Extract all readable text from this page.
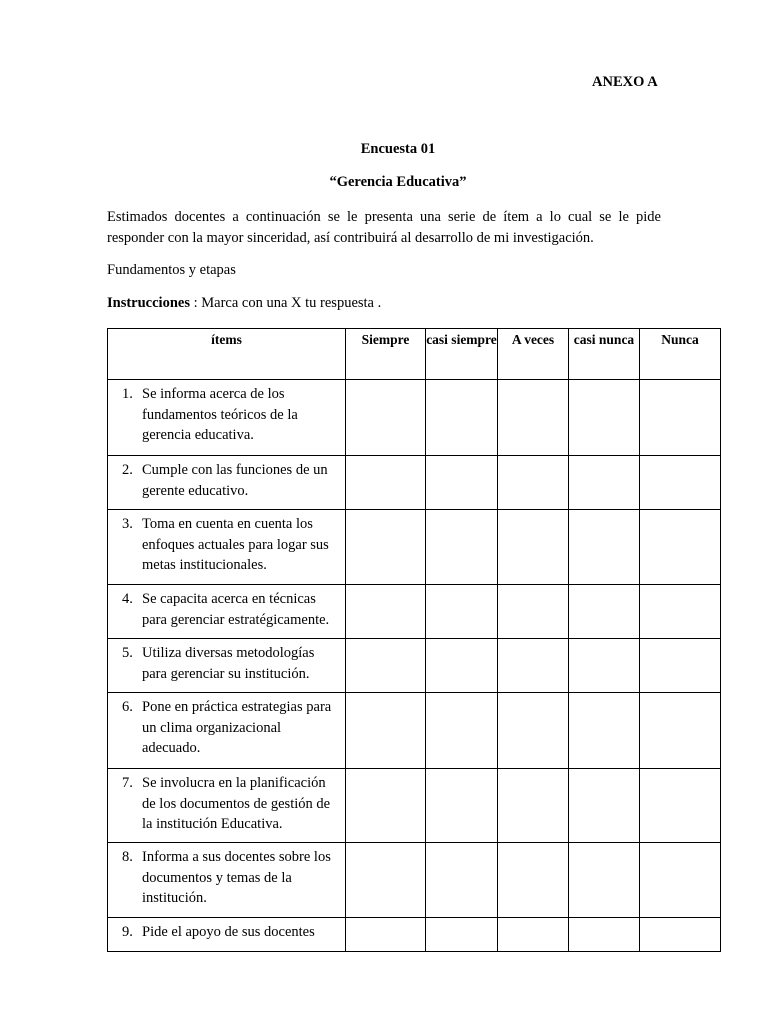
ANEXO A
Encuesta 01
“Gerencia Educativa”
Estimados docentes a continuación se le presenta una serie de ítem a lo cual se le pide responder con la mayor sinceridad, así contribuirá al desarrollo de mi investigación.
Fundamentos y etapas
Instrucciones : Marca con una X tu respuesta .
ítems	Siempre	casi siempre	A veces	casi nunca	Nunca

1. Se informa acerca de los fundamentos teóricos de la gerencia educativa.					

2. Cumple con las funciones de un gerente educativo.					

3. Toma en cuenta en cuenta los enfoques actuales para logar sus metas institucionales.					

4. Se capacita acerca en técnicas para gerenciar estratégicamente.					

5. Utiliza diversas metodologías para gerenciar su institución.					

6. Pone en práctica estrategias para un clima organizacional adecuado.					

7. Se involucra en la planificación de los documentos de gestión de la institución Educativa.					

8. Informa a sus docentes sobre los documentos y temas de la institución.					

9. Pide el apoyo de sus docentes					
